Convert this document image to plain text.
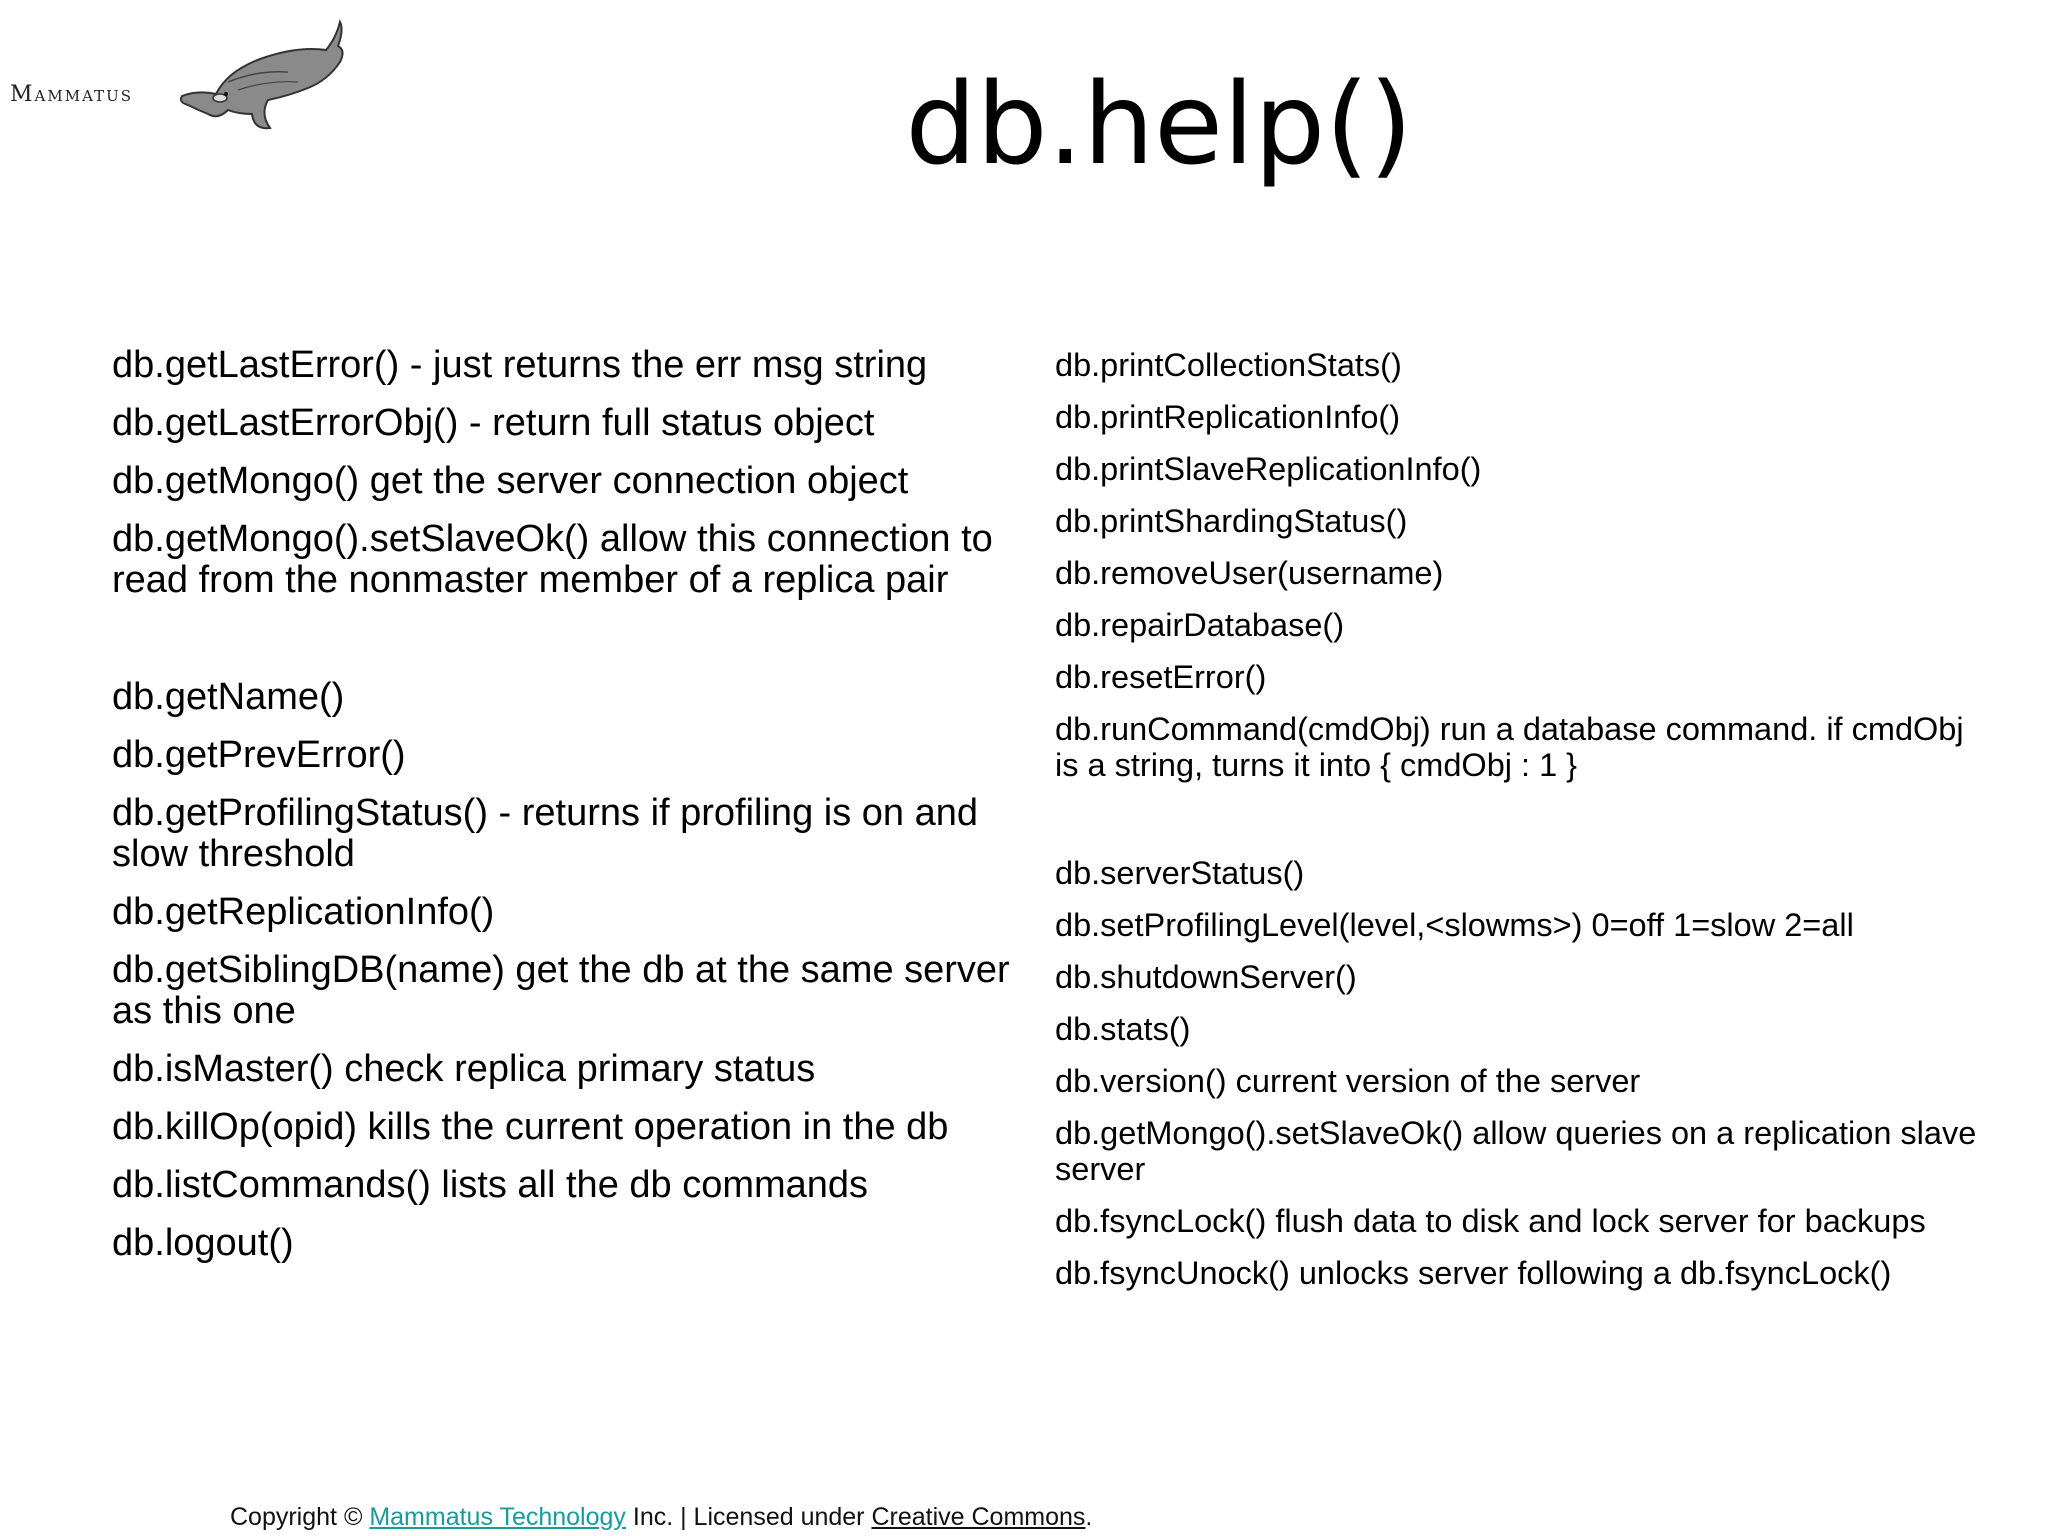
Mammatus	db.help()
db.getLastError() - just returns the err msg string
db.getLastErrorObj() - return full status object
db.getMongo() get the server connection object
db.getMongo().setSlaveOk() allow this connection to read from the nonmaster member of a replica pair
db.getName()
db.getPrevError()
db.getProfilingStatus() - returns if profiling is on and slow threshold
db.getReplicationInfo()
db.getSiblingDB(name) get the db at the same server as this one
db.isMaster() check replica primary status
db.killOp(opid) kills the current operation in the db
db.listCommands() lists all the db commands
db.logout()
db.printCollectionStats()
db.printReplicationInfo()
db.printSlaveReplicationInfo()
db.printShardingStatus()
db.removeUser(username)
db.repairDatabase()
db.resetError()
db.runCommand(cmdObj) run a database command. if cmdObj is a string, turns it into { cmdObj : 1 }
db.serverStatus()
db.setProfilingLevel(level,<slowms>) 0=off 1=slow 2=all
db.shutdownServer()
db.stats()
db.version() current version of the server
db.getMongo().setSlaveOk() allow queries on a replication slave server
db.fsyncLock() flush data to disk and lock server for backups
db.fsyncUnock() unlocks server following a db.fsyncLock()
Copyright © Mammatus Technology Inc. | Licensed under Creative Commons.
